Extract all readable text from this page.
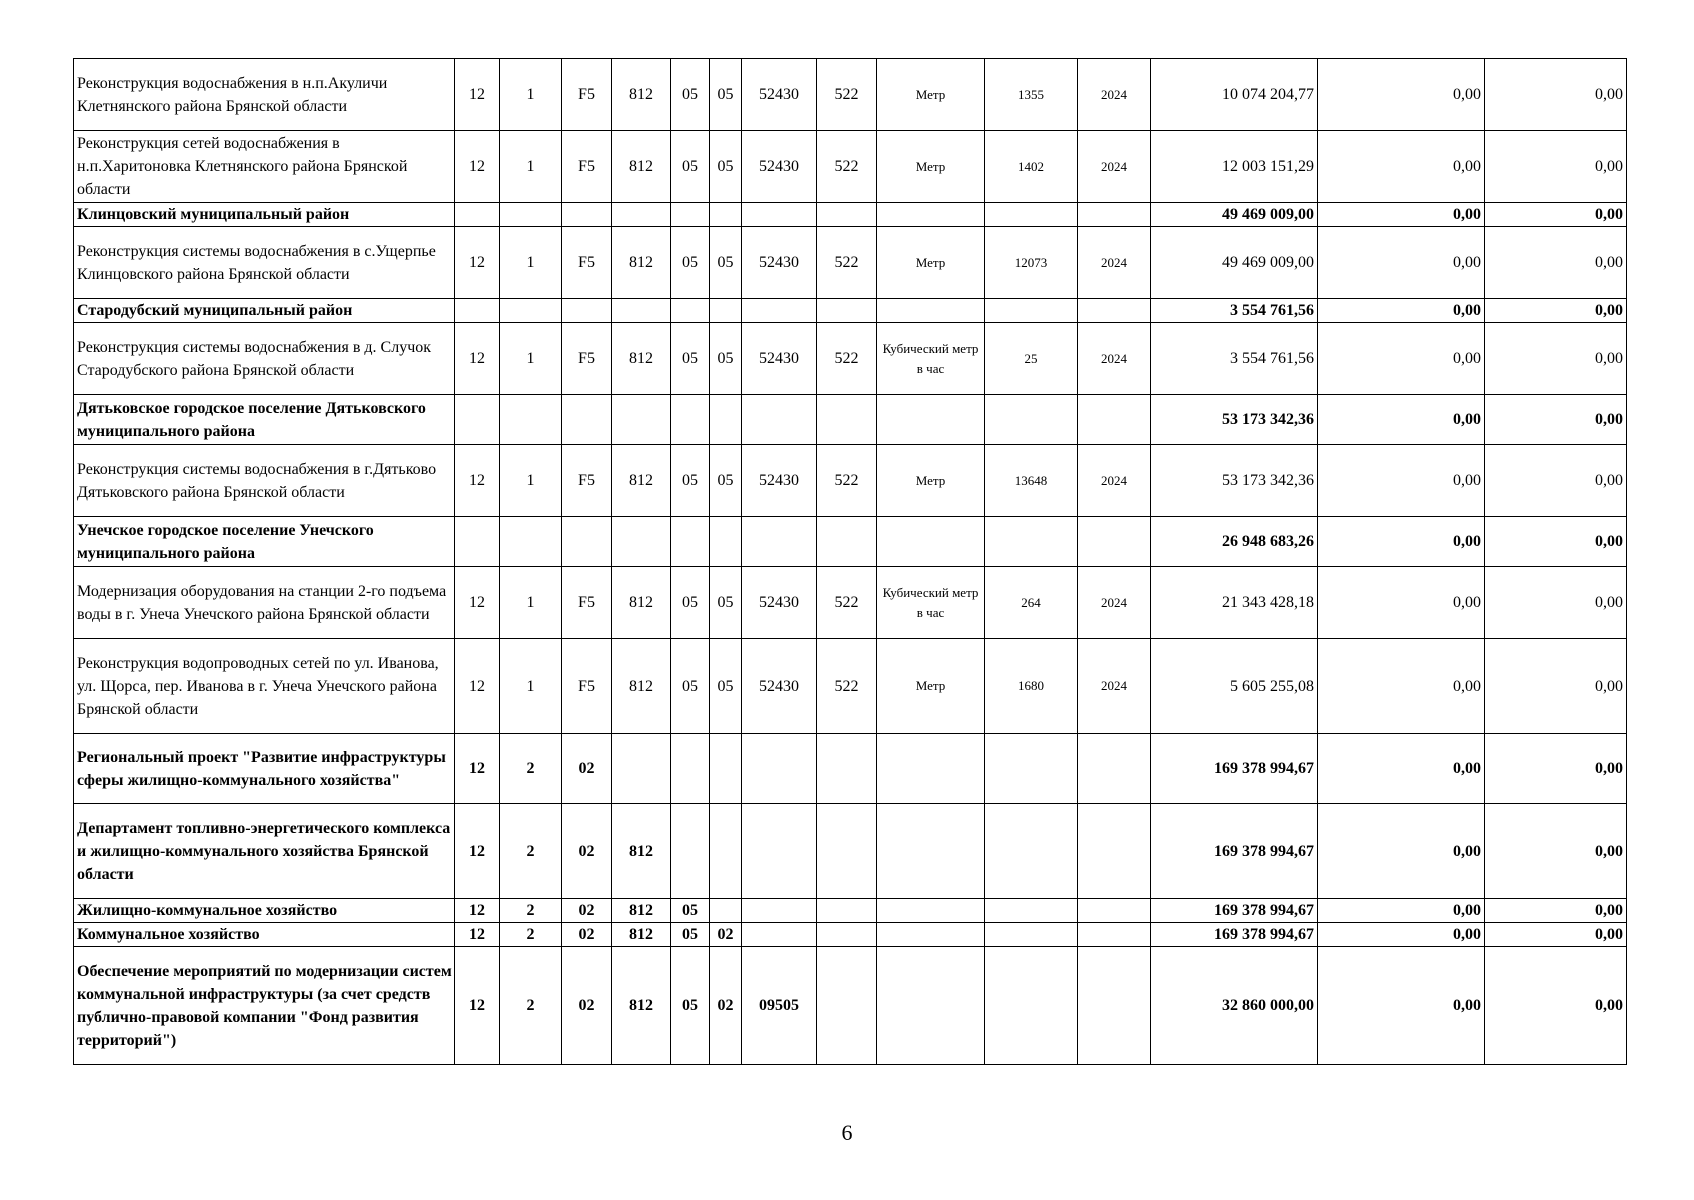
Реконструкция водоснабжения в н.п.Акуличи Клетнянского района Брянской области	12	1	F5	812	05	05	52430	522	Метр	1355	2024	10 074 204,77	0,00	0,00
Реконструкция сетей водоснабжения в н.п.Харитоновка Клетнянского района Брянской области	12	1	F5	812	05	05	52430	522	Метр	1402	2024	12 003 151,29	0,00	0,00
Клинцовский муниципальный район												49 469 009,00	0,00	0,00
Реконструкция системы водоснабжения в с.Ущерпье Клинцовского района Брянской области	12	1	F5	812	05	05	52430	522	Метр	12073	2024	49 469 009,00	0,00	0,00
Стародубский муниципальный район												3 554 761,56	0,00	0,00
Реконструкция системы водоснабжения в д. Случок Стародубского района Брянской области	12	1	F5	812	05	05	52430	522	Кубический метр в час	25	2024	3 554 761,56	0,00	0,00
Дятьковское городское поселение Дятьковского муниципального района												53 173 342,36	0,00	0,00
Реконструкция системы водоснабжения в г.Дятьково Дятьковского района Брянской области	12	1	F5	812	05	05	52430	522	Метр	13648	2024	53 173 342,36	0,00	0,00
Унечское городское поселение Унечского муниципального района												26 948 683,26	0,00	0,00
Модернизация оборудования на станции 2-го подъема воды в г. Унеча Унечского района Брянской области	12	1	F5	812	05	05	52430	522	Кубический метр в час	264	2024	21 343 428,18	0,00	0,00
Реконструкция водопроводных сетей по ул. Иванова, ул. Щорса, пер. Иванова в г. Унеча Унечского района Брянской области	12	1	F5	812	05	05	52430	522	Метр	1680	2024	5 605 255,08	0,00	0,00
Региональный проект "Развитие инфраструктуры сферы жилищно-коммунального хозяйства"	12	2	02									169 378 994,67	0,00	0,00
Департамент топливно-энергетического комплекса и жилищно-коммунального хозяйства Брянской области	12	2	02	812								169 378 994,67	0,00	0,00
Жилищно-коммунальное хозяйство	12	2	02	812	05							169 378 994,67	0,00	0,00
Коммунальное хозяйство	12	2	02	812	05	02						169 378 994,67	0,00	0,00
Обеспечение мероприятий по модернизации систем коммунальной инфраструктуры (за счет средств публично-правовой компании "Фонд развития территорий")	12	2	02	812	05	02	09505					32 860 000,00	0,00	0,00
6
